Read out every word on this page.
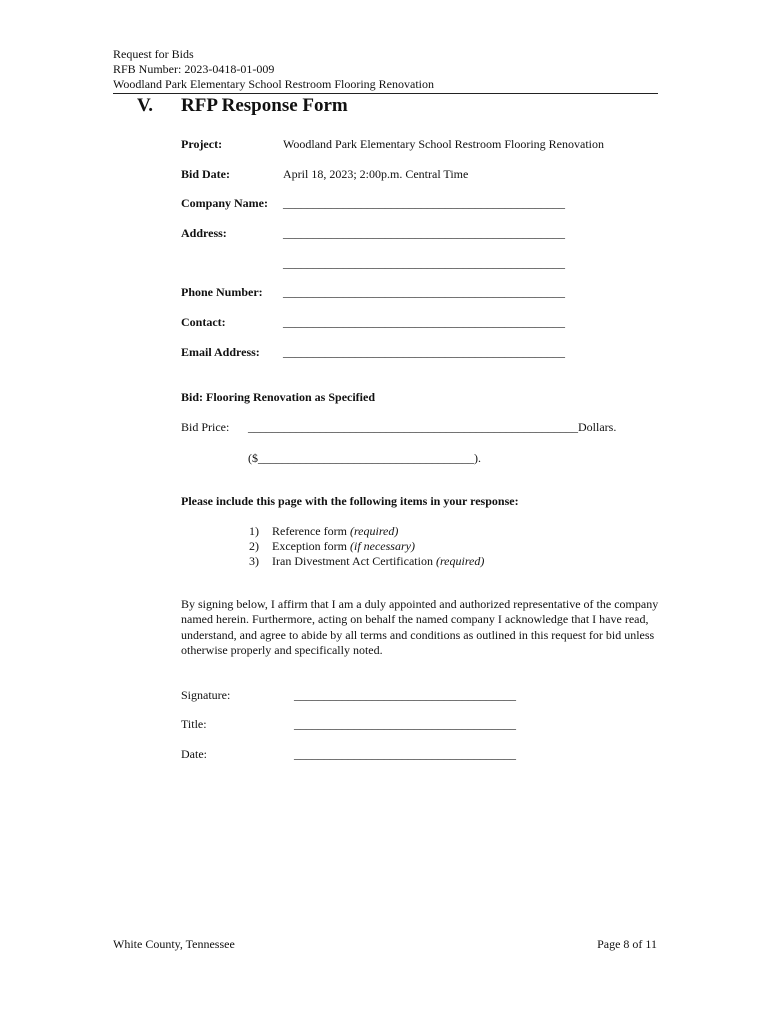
Request for Bids
RFB Number: 2023-0418-01-009
Woodland Park Elementary School Restroom Flooring Renovation
V. RFP Response Form
Project:	Woodland Park Elementary School Restroom Flooring Renovation
Bid Date:	April 18, 2023; 2:00p.m. Central Time
Company Name: _______________________________________________
Address:	_______________________________________________
_______________________________________________
Phone Number: _______________________________________________
Contact:	_______________________________________________
Email Address: _______________________________________________
Bid: Flooring Renovation as Specified
Bid Price: _______________________________________________________Dollars.
($____________________________________).
Please include this page with the following items in your response:
1) Reference form (required)
2) Exception form (if necessary)
3) Iran Divestment Act Certification (required)
By signing below, I affirm that I am a duly appointed and authorized representative of the company named herein. Furthermore, acting on behalf the named company I acknowledge that I have read, understand, and agree to abide by all terms and conditions as outlined in this request for bid unless otherwise properly and specifically noted.
Signature:	_____________________________________
Title:	_____________________________________
Date:	_____________________________________
White County, Tennessee	Page 8 of 11
